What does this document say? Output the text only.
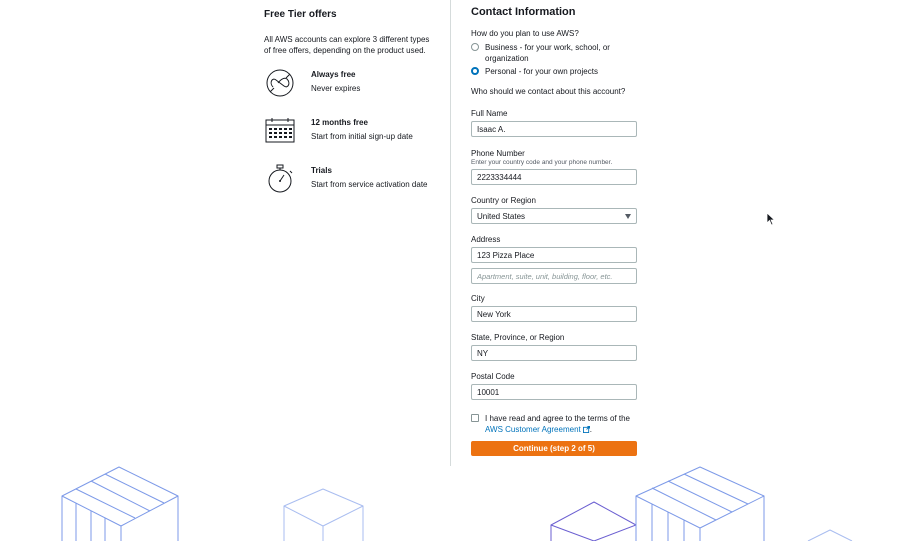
Free Tier offers

All AWS accounts can explore 3 different types of free offers, depending on the product used.

Always free
Never expires
12 months free
Start from initial sign-up date
Trials
Start from service activation date
Contact Information
How do you plan to use AWS?
Business - for your work, school, or organization
Personal - for your own projects
Who should we contact about this account?
Full Name
Isaac A.
Phone Number
Enter your country code and your phone number.
2223334444
Country or Region
United States
Address
123 Pizza Place
Apartment, suite, unit, building, floor, etc.
City
New York
State, Province, or Region
NY
Postal Code
10001
I have read and agree to the terms of the AWS Customer Agreement .
Continue (step 2 of 5)
